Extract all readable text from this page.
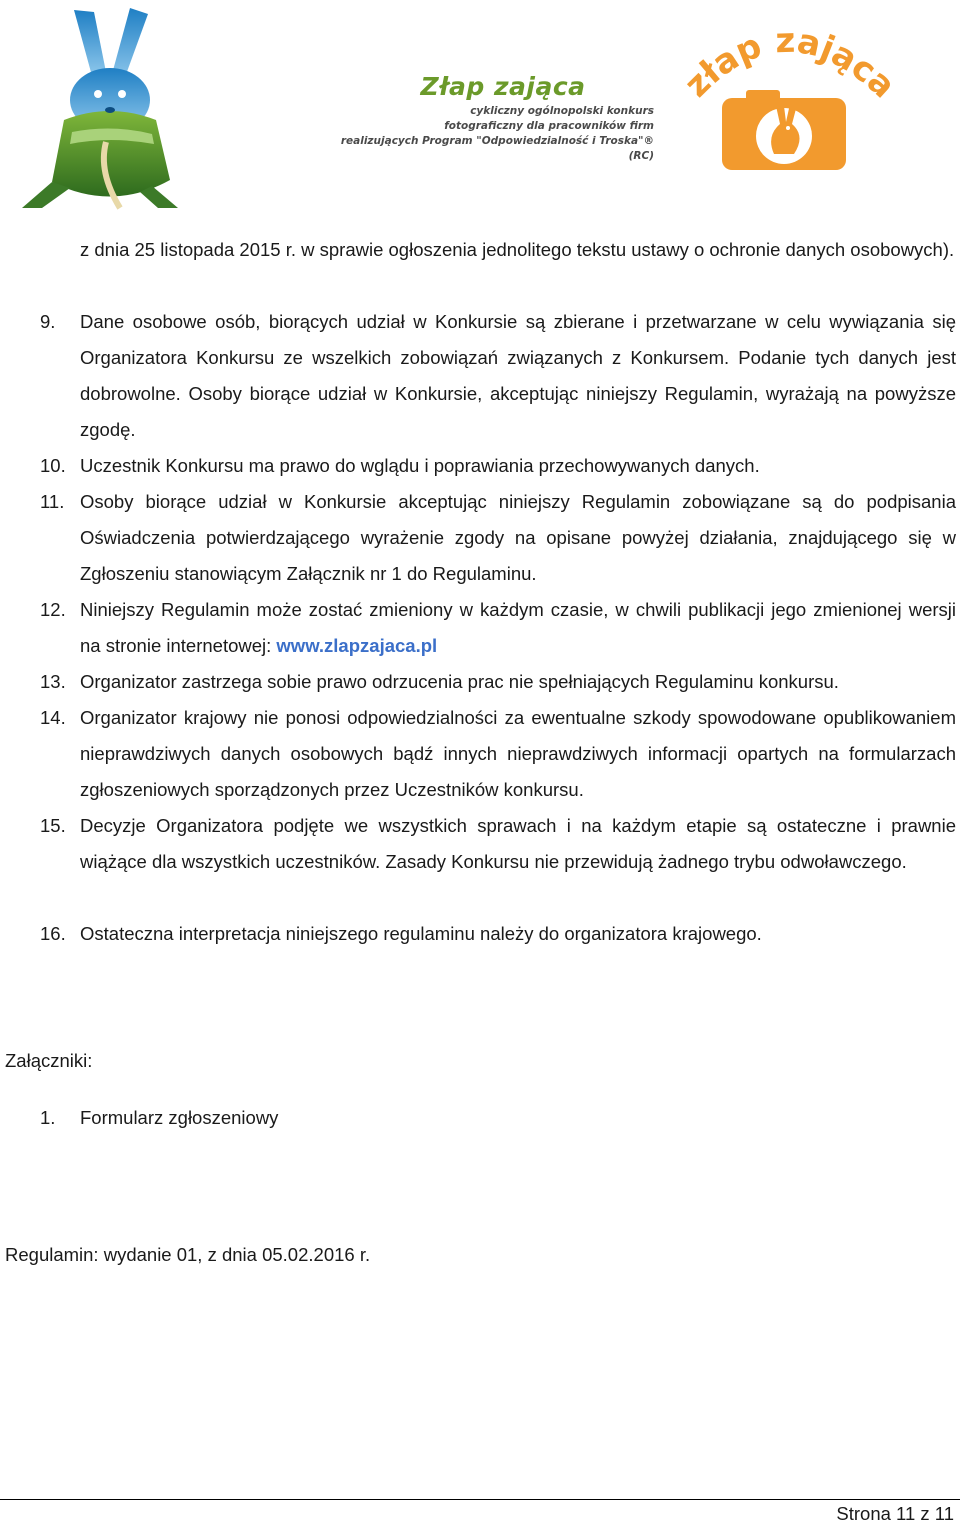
Złap zająca
cykliczny ogólnopolski konkurs
fotograficzny dla pracowników firm
realizujących Program "Odpowiedzialność i Troska"® (RC)
złap zając
z dnia 25 listopada 2015 r. w sprawie ogłoszenia jednolitego tekstu ustawy o ochronie danych osobowych).
9. Dane osobowe osób, biorących udział w Konkursie są zbierane i przetwarzane w celu wywiązania się Organizatora Konkursu ze wszelkich zobowiązań związanych z Konkursem. Podanie tych danych jest dobrowolne. Osoby biorące udział w Konkursie, akceptując niniejszy Regulamin, wyrażają na powyższe zgodę.
10. Uczestnik Konkursu ma prawo do wglądu i poprawiania przechowywanych danych.
11. Osoby biorące udział w Konkursie akceptując niniejszy Regulamin zobowiązane są do podpisania Oświadczenia potwierdzającego wyrażenie zgody na opisane powyżej działania, znajdującego się w Zgłoszeniu stanowiącym Załącznik nr 1 do Regulaminu.
12. Niniejszy Regulamin może zostać zmieniony w każdym czasie, w chwili publikacji jego zmienionej wersji na stronie internetowej: www.zlapzajaca.pl
13. Organizator zastrzega sobie prawo odrzucenia prac nie spełniających Regulaminu konkursu.
14. Organizator krajowy nie ponosi odpowiedzialności za ewentualne szkody spowodowane opublikowaniem nieprawdziwych danych osobowych bądź innych nieprawdziwych informacji opartych na formularzach zgłoszeniowych sporządzonych przez Uczestników konkursu.
15. Decyzje Organizatora podjęte we wszystkich sprawach i na każdym etapie są ostateczne i prawnie wiążące dla wszystkich uczestników. Zasady Konkursu nie przewidują żadnego trybu odwoławczego.
16. Ostateczna interpretacja niniejszego regulaminu należy do organizatora krajowego.
Załączniki:
1. Formularz zgłoszeniowy
Regulamin: wydanie 01, z dnia 05.02.2016 r.
Strona 11 z 11
